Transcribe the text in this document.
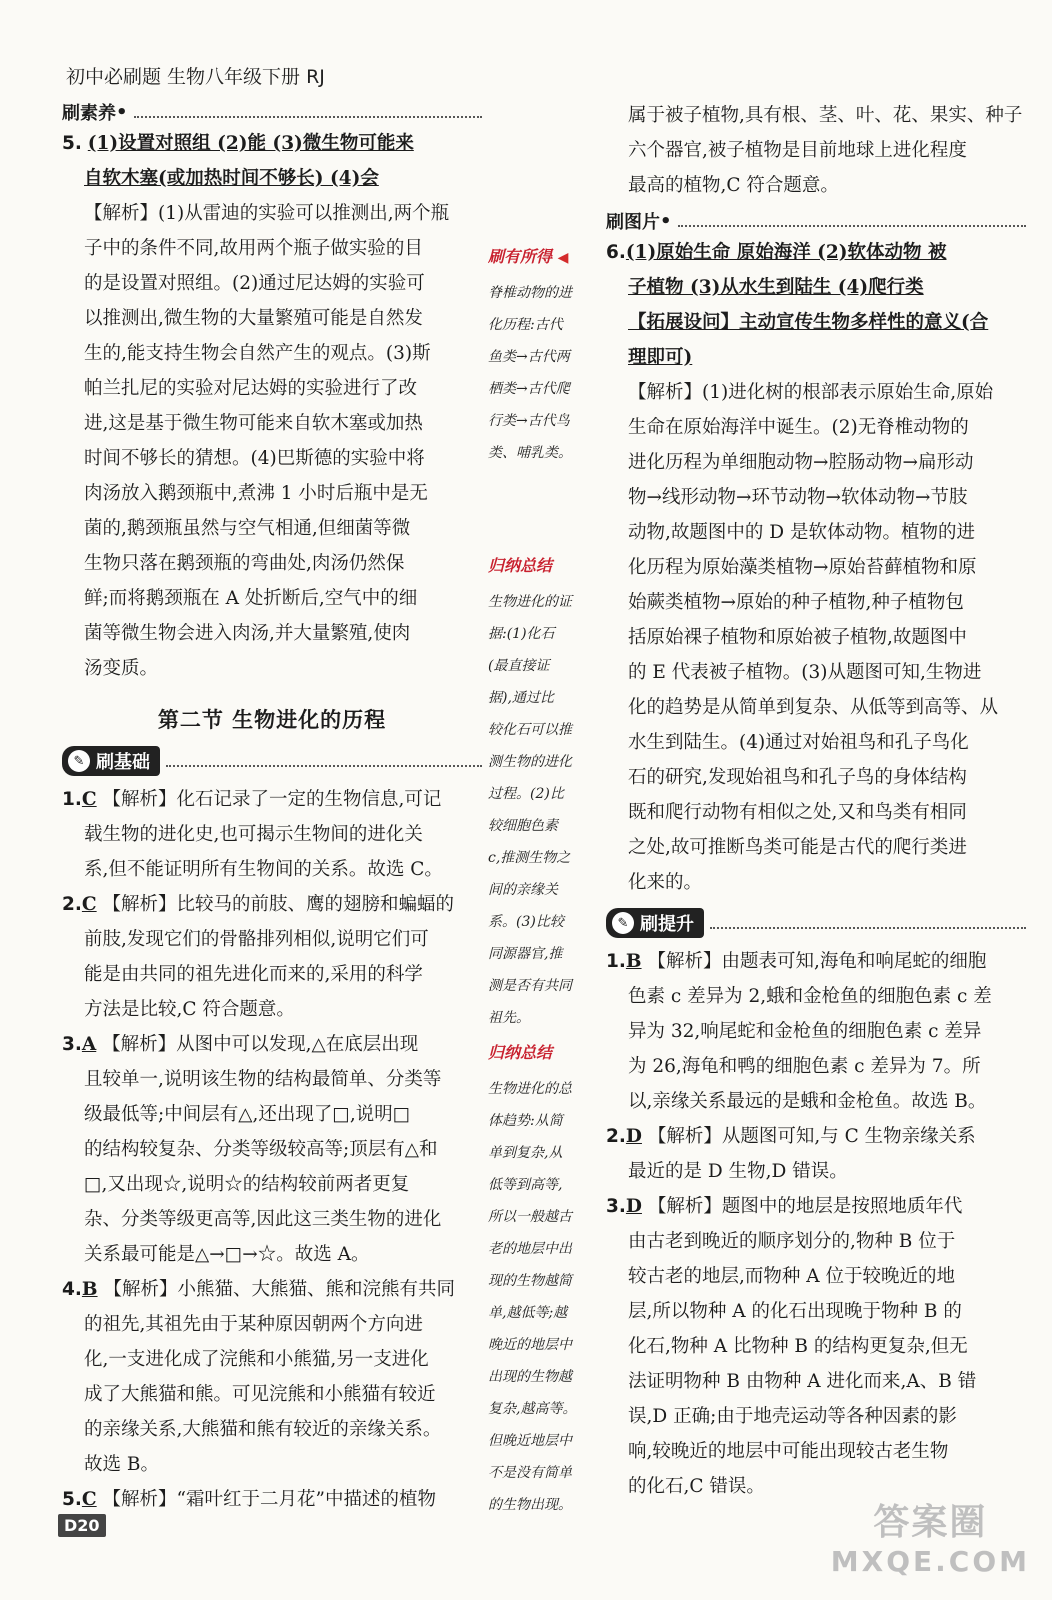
初中必刷题 生物八年级下册 RJ
刷素养 •

5. (1)设置对照组 (2)能 (3)微生物可能来

自软木塞(或加热时间不够长) (4)会

【解析】(1)从雷迪的实验可以推测出,两个瓶

子中的条件不同,故用两个瓶子做实验的目

的是设置对照组。(2)通过尼达姆的实验可

以推测出,微生物的大量繁殖可能是自然发

生的,能支持生物会自然产生的观点。(3)斯

帕兰扎尼的实验对尼达姆的实验进行了改

进,这是基于微生物可能来自软木塞或加热

时间不够长的猜想。(4)巴斯德的实验中将

肉汤放入鹅颈瓶中,煮沸 1 小时后瓶中是无

菌的,鹅颈瓶虽然与空气相通,但细菌等微

生物只落在鹅颈瓶的弯曲处,肉汤仍然保

鲜;而将鹅颈瓶在 A 处折断后,空气中的细

菌等微生物会进入肉汤,并大量繁殖,使肉

汤变质。

第二节 生物进化的历程
✎ 刷基础

1.C 【解析】化石记录了一定的生物信息,可记

载生物的进化史,也可揭示生物间的进化关

系,但不能证明所有生物间的关系。故选 C。

2.C 【解析】比较马的前肢、鹰的翅膀和蝙蝠的

前肢,发现它们的骨骼排列相似,说明它们可

能是由共同的祖先进化而来的,采用的科学

方法是比较,C 符合题意。

3.A 【解析】从图中可以发现,△在底层出现

且较单一,说明该生物的结构最简单、分类等

级最低等;中间层有△,还出现了□,说明□

的结构较复杂、分类等级较高等;顶层有△和

□,又出现☆,说明☆的结构较前两者更复

杂、分类等级更高等,因此这三类生物的进化

关系最可能是△→□→☆。故选 A。

4.B 【解析】小熊猫、大熊猫、熊和浣熊有共同

的祖先,其祖先由于某种原因朝两个方向进

化,一支进化成了浣熊和小熊猫,另一支进化

成了大熊猫和熊。可见浣熊和小熊猫有较近

的亲缘关系,大熊猫和熊有较近的亲缘关系。

故选 B。

5.C 【解析】“霜叶红于二月花”中描述的植物

刷有所得 ◀

脊椎动物的进

化历程:古代

鱼类→古代两

栖类→古代爬

行类→古代鸟

类、哺乳类。

归纳总结

生物进化的证

据:(1)化石

(最直接证

据),通过比

较化石可以推

测生物的进化

过程。(2)比

较细胞色素

c,推测生物之

间的亲缘关

系。(3)比较

同源器官,推

测是否有共同

祖先。

归纳总结

生物进化的总

体趋势:从简

单到复杂,从

低等到高等,

所以一般越古

老的地层中出

现的生物越简

单,越低等;越

晚近的地层中

出现的生物越

复杂,越高等。

但晚近地层中

不是没有简单

的生物出现。

属于被子植物,具有根、茎、叶、花、果实、种子

六个器官,被子植物是目前地球上进化程度

最高的植物,C 符合题意。

刷图片 •

6.(1)原始生命 原始海洋 (2)软体动物 被

子植物 (3)从水生到陆生 (4)爬行类

【拓展设问】主动宣传生物多样性的意义(合

理即可)

【解析】(1)进化树的根部表示原始生命,原始

生命在原始海洋中诞生。(2)无脊椎动物的

进化历程为单细胞动物→腔肠动物→扁形动

物→线形动物→环节动物→软体动物→节肢

动物,故题图中的 D 是软体动物。植物的进

化历程为原始藻类植物→原始苔藓植物和原

始蕨类植物→原始的种子植物,种子植物包

括原始裸子植物和原始被子植物,故题图中

的 E 代表被子植物。(3)从题图可知,生物进

化的趋势是从简单到复杂、从低等到高等、从

水生到陆生。(4)通过对始祖鸟和孔子鸟化

石的研究,发现始祖鸟和孔子鸟的身体结构

既和爬行动物有相似之处,又和鸟类有相同

之处,故可推断鸟类可能是古代的爬行类进

化来的。

✎ 刷提升

1.B 【解析】由题表可知,海龟和响尾蛇的细胞

色素 c 差异为 2,蛾和金枪鱼的细胞色素 c 差

异为 32,响尾蛇和金枪鱼的细胞色素 c 差异

为 26,海龟和鸭的细胞色素 c 差异为 7。所

以,亲缘关系最远的是蛾和金枪鱼。故选 B。

2.D 【解析】从题图可知,与 C 生物亲缘关系

最近的是 D 生物,D 错误。

3.D 【解析】题图中的地层是按照地质年代

由古老到晚近的顺序划分的,物种 B 位于

较古老的地层,而物种 A 位于较晚近的地

层,所以物种 A 的化石出现晚于物种 B 的

化石,物种 A 比物种 B 的结构更复杂,但无

法证明物种 B 由物种 A 进化而来,A、B 错

误,D 正确;由于地壳运动等各种因素的影

响,较晚近的地层中可能出现较古老生物

的化石,C 错误。

D20	答案圈
MXQE.COM
